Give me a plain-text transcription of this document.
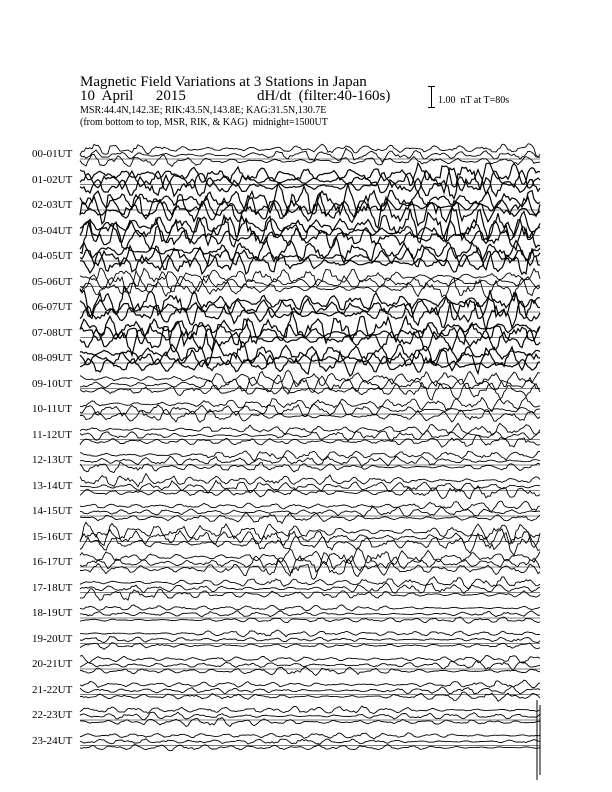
Magnetic Field Variations at 3 Stations in Japan
10  April      2015	dH/dt  (filter:40-160s)
MSR:44.4N,142.3E; RIK:43.5N,143.8E; KAG:31.5N,130.7E
(from bottom to top, MSR, RIK, & KAG)  midnight=1500UT
1.00  nT at T=80s
00-01UT
01-02UT
02-03UT
03-04UT
04-05UT
05-06UT
06-07UT
07-08UT
08-09UT
09-10UT
10-11UT
11-12UT
12-13UT
13-14UT
14-15UT
15-16UT
16-17UT
17-18UT
18-19UT
19-20UT
20-21UT
21-22UT
22-23UT
23-24UT
